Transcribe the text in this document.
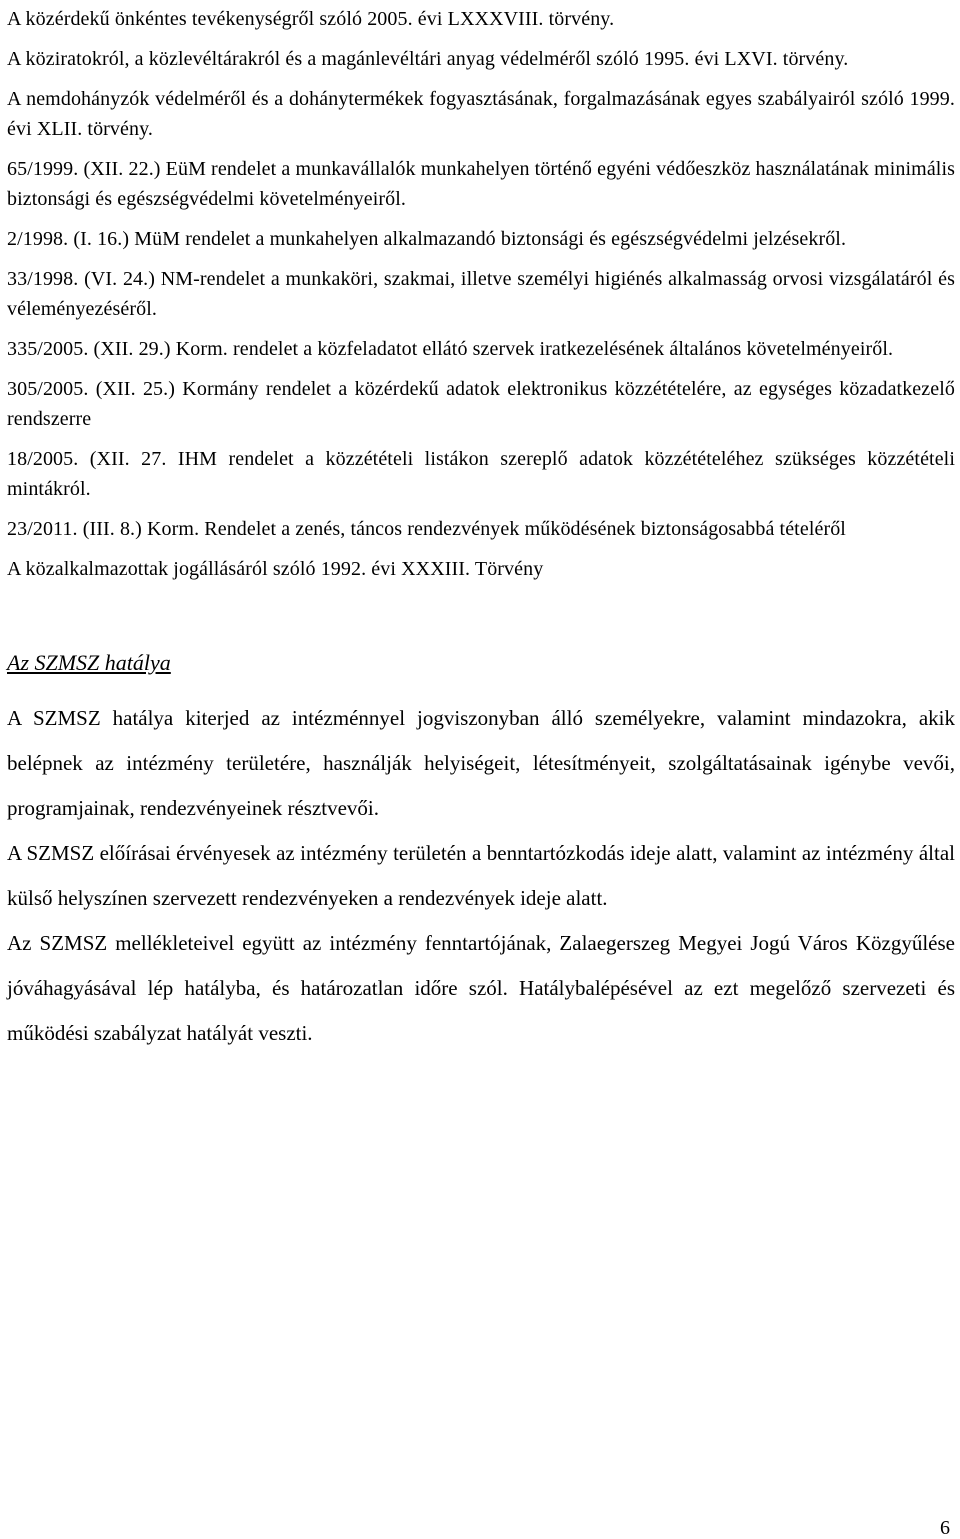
A közérdekű önkéntes tevékenységről szóló 2005. évi LXXXVIII. törvény.
A köziratokról, a közlevéltárakról és a magánlevéltári anyag védelméről szóló 1995. évi LXVI. törvény.
A nemdohányzók védelméről és a dohánytermékek fogyasztásának, forgalmazásának egyes szabályairól szóló 1999. évi XLII. törvény.
65/1999. (XII. 22.) EüM rendelet a munkavállalók munkahelyen történő egyéni védőeszköz használatának minimális biztonsági és egészségvédelmi követelményeiről.
2/1998. (I. 16.) MüM rendelet a munkahelyen alkalmazandó biztonsági és egészségvédelmi jelzésekről.
33/1998. (VI. 24.) NM-rendelet a munkaköri, szakmai, illetve személyi higiénés alkalmasság orvosi vizsgálatáról és véleményezéséről.
335/2005. (XII. 29.) Korm. rendelet a közfeladatot ellátó szervek iratkezelésének általános követelményeiről.
305/2005. (XII. 25.) Kormány rendelet a közérdekű adatok elektronikus közzétételére, az egységes közadatkezelő rendszerre
18/2005. (XII. 27. IHM rendelet a közzétételi listákon szereplő adatok közzétételéhez szükséges közzétételi mintákról.
23/2011. (III. 8.) Korm. Rendelet a zenés, táncos rendezvények működésének biztonságosabbá tételéről
A közalkalmazottak jogállásáról szóló 1992. évi XXXIII. Törvény
Az SZMSZ hatálya

A SZMSZ hatálya kiterjed az intézménnyel jogviszonyban álló személyekre, valamint mindazokra, akik belépnek az intézmény területére, használják helyiségeit, létesítményeit, szolgáltatásainak igénybe vevői, programjainak, rendezvényeinek résztvevői.

A SZMSZ előírásai érvényesek az intézmény területén a benntartózkodás ideje alatt, valamint az intézmény által külső helyszínen szervezett rendezvényeken a rendezvények ideje alatt.

Az SZMSZ mellékleteivel együtt az intézmény fenntartójának, Zalaegerszeg Megyei Jogú Város Közgyűlése jóváhagyásával lép hatályba, és határozatlan időre szól. Hatálybalépésével az ezt megelőző szervezeti és működési szabályzat hatályát veszti.

6
